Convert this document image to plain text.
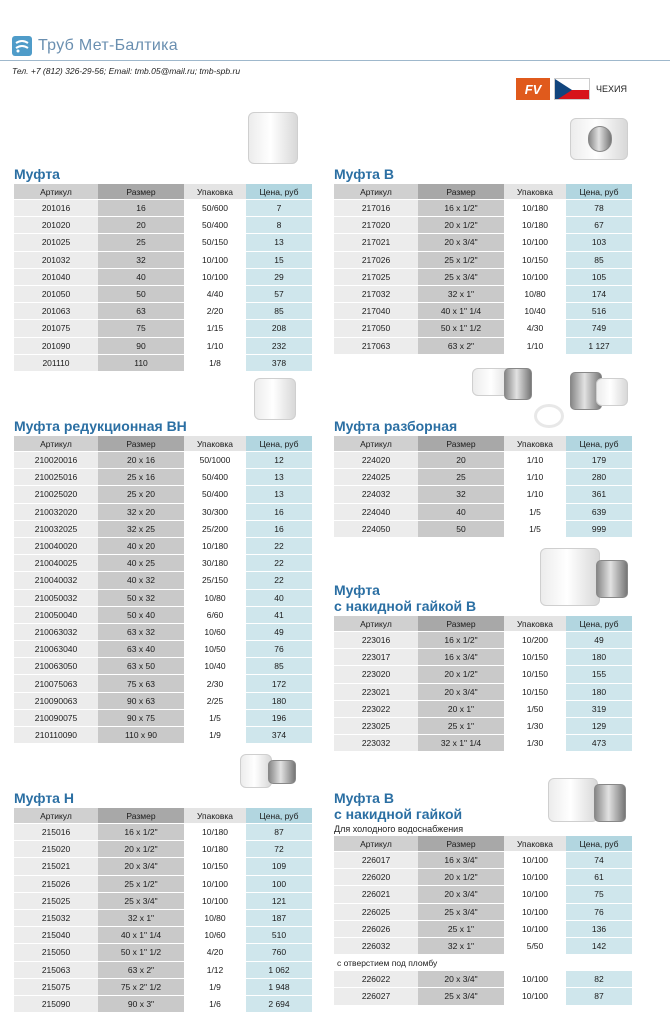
Труб Мет-Балтика
Тел. +7 (812) 326-29-56; Email: tmb.05@mail.ru; tmb-spb.ru
FV	ЧЕХИЯ
Муфта
Артикул	Размер	Упаковка	Цена, руб
201016	16	50/600	7
201020	20	50/400	8
201025	25	50/150	13
201032	32	10/100	15
201040	40	10/100	29
201050	50	4/40	57
201063	63	2/20	85
201075	75	1/15	208
201090	90	1/10	232
201110	110	1/8	378
Муфта редукционная ВН
Артикул	Размер	Упаковка	Цена, руб
210020016	20 x 16	50/1000	12
210025016	25 x 16	50/400	13
210025020	25 x 20	50/400	13
210032020	32 x 20	30/300	16
210032025	32 x 25	25/200	16
210040020	40 x 20	10/180	22
210040025	40 x 25	30/180	22
210040032	40 x 32	25/150	22
210050032	50 x 32	10/80	40
210050040	50 x 40	6/60	41
210063032	63 x 32	10/60	49
210063040	63 x 40	10/50	76
210063050	63 x 50	10/40	85
210075063	75 x 63	2/30	172
210090063	90 x 63	2/25	180
210090075	90 x 75	1/5	196
210110090	110 x 90	1/9	374
Муфта Н
Артикул	Размер	Упаковка	Цена, руб
215016	16 x 1/2"	10/180	87
215020	20 x 1/2"	10/180	72
215021	20 x 3/4"	10/150	109
215026	25 x 1/2"	10/100	100
215025	25 x 3/4"	10/100	121
215032	32 x 1"	10/80	187
215040	40 x 1" 1/4	10/60	510
215050	50 x 1" 1/2	4/20	760
215063	63 x 2"	1/12	1 062
215075	75 x 2" 1/2	1/9	1 948
215090	90 x 3"	1/6	2 694
Муфта В
Артикул	Размер	Упаковка	Цена, руб
217016	16 x 1/2"	10/180	78
217020	20 x 1/2"	10/180	67
217021	20 x 3/4"	10/100	103
217026	25 x 1/2"	10/150	85
217025	25 x 3/4"	10/100	105
217032	32 x 1"	10/80	174
217040	40 x 1" 1/4	10/40	516
217050	50 x 1" 1/2	4/30	749
217063	63 x 2"	1/10	1 127
Муфта разборная
Артикул	Размер	Упаковка	Цена, руб
224020	20	1/10	179
224025	25	1/10	280
224032	32	1/10	361
224040	40	1/5	639
224050	50	1/5	999
Муфта
с накидной гайкой В
Артикул	Размер	Упаковка	Цена, руб
223016	16 x 1/2"	10/200	49
223017	16 x 3/4"	10/150	180
223020	20 x 1/2"	10/150	155
223021	20 x 3/4"	10/150	180
223022	20 x 1"	1/50	319
223025	25 x 1"	1/30	129
223032	32 x 1" 1/4	1/30	473
Муфта В
с накидной гайкой
Для холодного водоснабжения
Артикул	Размер	Упаковка	Цена, руб
226017	16 x 3/4"	10/100	74
226020	20 x 1/2"	10/100	61
226021	20 x 3/4"	10/100	75
226025	25 x 3/4"	10/100	76
226026	25 x 1"	10/100	136
226032	32 x 1"	5/50	142
с отверстием под пломбу
226022	20 x 3/4"	10/100	82
226027	25 x 3/4"	10/100	87
